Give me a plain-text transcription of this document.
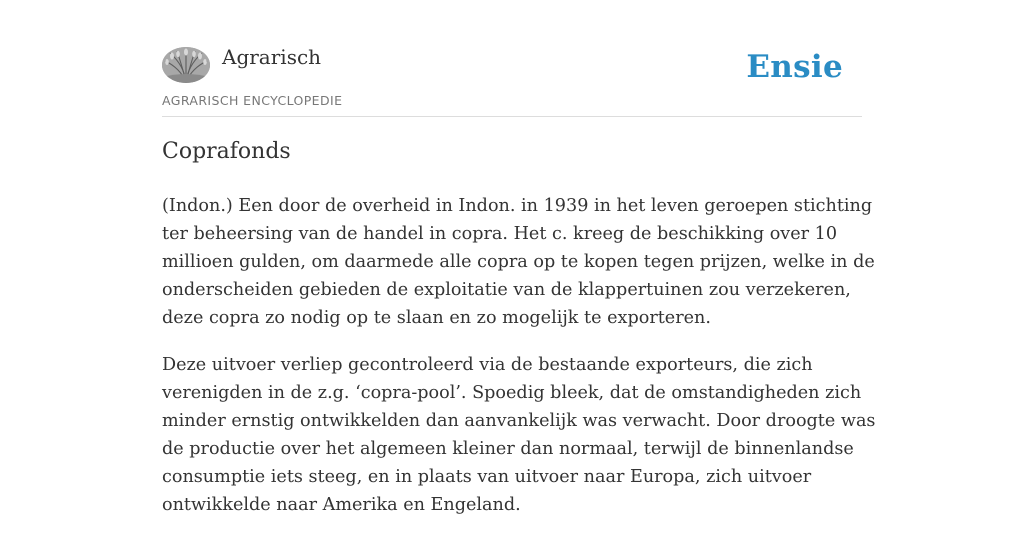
Agrarisch
AGRARISCH ENCYCLOPEDIE
Ensie
Coprafonds

(Indon.) Een door de overheid in Indon. in 1939 in het leven geroepen stichting
ter beheersing van de handel in copra. Het c. kreeg de beschikking over 10
millioen gulden, om daarmede alle copra op te kopen tegen prijzen, welke in de
onderscheiden gebieden de exploitatie van de klappertuinen zou verzekeren,
deze copra zo nodig op te slaan en zo mogelijk te exporteren.

Deze uitvoer verliep gecontroleerd via de bestaande exporteurs, die zich
verenigden in de z.g. ‘copra-pool’. Spoedig bleek, dat de omstandigheden zich
minder ernstig ontwikkelden dan aanvankelijk was verwacht. Door droogte was
de productie over het algemeen kleiner dan normaal, terwijl de binnenlandse
consumptie iets steeg, en in plaats van uitvoer naar Europa, zich uitvoer
ontwikkelde naar Amerika en Engeland.
